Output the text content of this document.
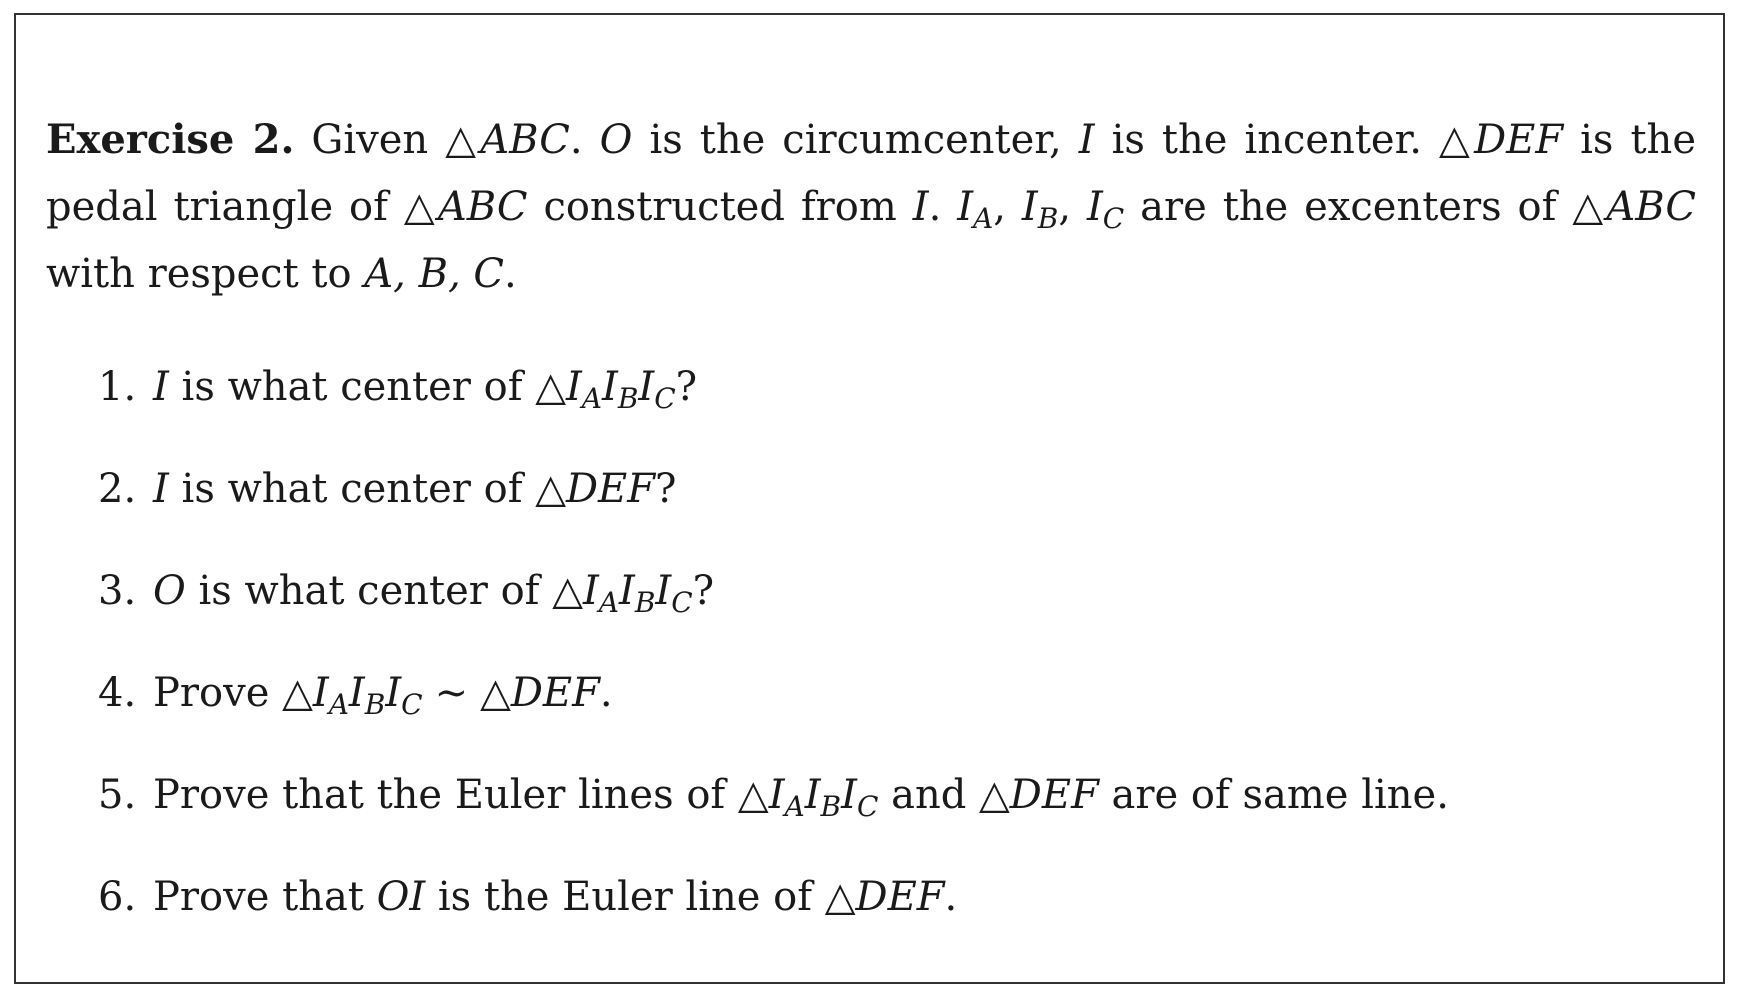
Exercise 2. Given △ABC. O is the circumcenter, I is the incenter. △DEF is the pedal triangle of △ABC constructed from I. $I_A$, $I_B$, $I_C$ are the excenters of △ABC with respect to A, B, C.

1. I is what center of $\triangle I_AI_BI_C$?
2. I is what center of △DEF?
3. O is what center of $\triangle I_AI_BI_C$?
4. Prove $\triangle I_AI_BI_C$ ∼ △DEF.
5. Prove that the Euler lines of $\triangle I_AI_BI_C$ and △DEF are of same line.
6. Prove that OI is the Euler line of △DEF.
